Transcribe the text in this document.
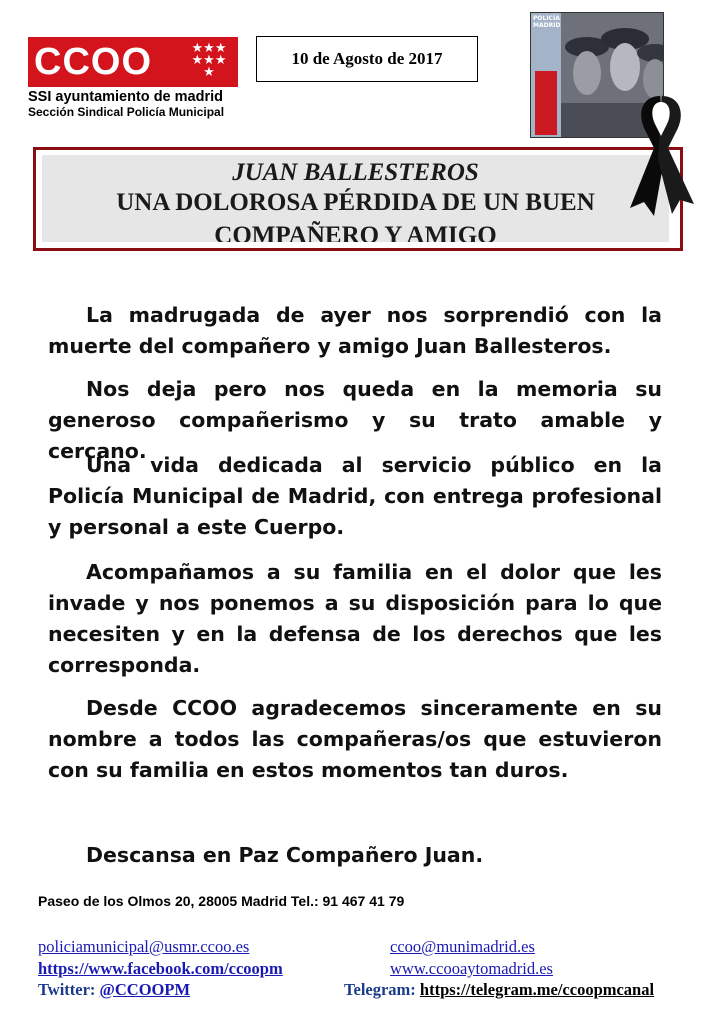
CCOO	★★★
★★★
★
SSI ayuntamiento de madrid
Sección Sindical Policía Municipal
10 de Agosto de 2017
POLICÍA MADRID
JUAN BALLESTEROS
UNA DOLOROSA PÉRDIDA DE UN BUEN
COMPAÑERO Y AMIGO

La madrugada de ayer nos sorprendió con la muerte del compañero y amigo Juan Ballesteros.

Nos deja pero nos queda en la memoria su generoso compañerismo y su trato amable y cercano.

Una vida dedicada al servicio público en la Policía Municipal de Madrid, con entrega profesional y personal a este Cuerpo.

Acompañamos a su familia en el dolor que les invade y nos ponemos a su disposición para lo que necesiten y en la defensa de los derechos que les corresponda.

Desde CCOO agradecemos sinceramente en su nombre a todos las compañeras/os que estuvieron con su familia en estos momentos tan duros.

Descansa en Paz Compañero Juan.
Paseo de los Olmos 20, 28005 Madrid Tel.: 91 467 41 79
policiamunicipal@usmr.ccoo.es	ccoo@munimadrid.es
https://www.facebook.com/ccoopm	www.ccooaytomadrid.es
Twitter: @CCOOPM	Telegram: https://telegram.me/ccoopmcanal
